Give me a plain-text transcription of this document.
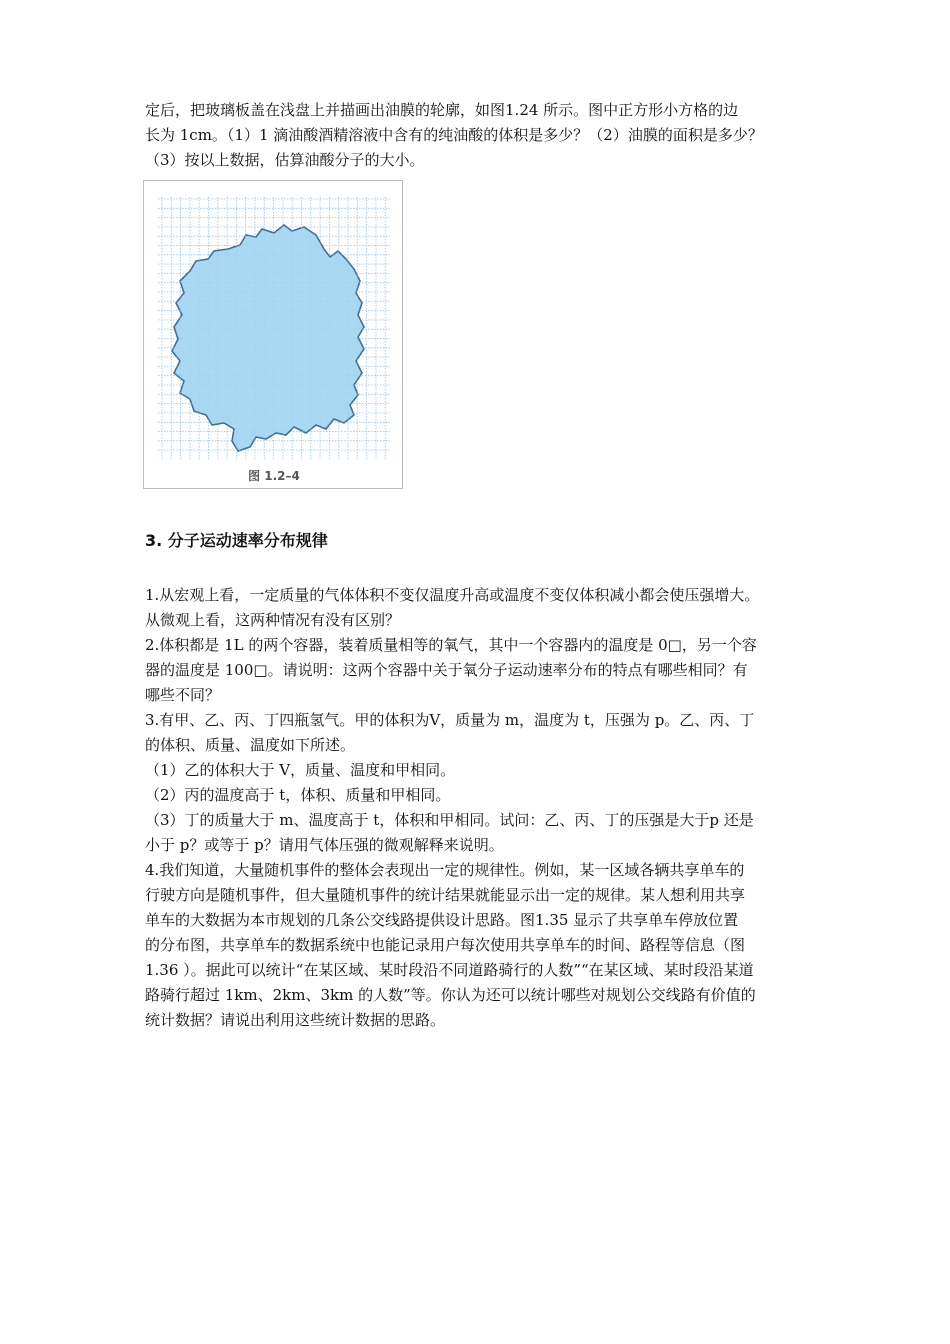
定后，把玻璃板盖在浅盘上并描画出油膜的轮廓，如图1.24 所示。图中正方形小方格的边
长为 1cm。（1）1 滴油酸酒精溶液中含有的纯油酸的体积是多少？（2）油膜的面积是多少？
（3）按以上数据，估算油酸分子的大小。

图 1.2–4
3. 分子运动速率分布规律

1.从宏观上看，一定质量的气体体积不变仅温度升高或温度不变仅体积减小都会使压强增大。
从微观上看，这两种情况有没有区别？
2.体积都是 1L 的两个容器，装着质量相等的氧气，其中一个容器内的温度是 0□，另一个容
器的温度是 100□。请说明：这两个容器中关于氧分子运动速率分布的特点有哪些相同？有
哪些不同？
3.有甲、乙、丙、丁四瓶氢气。甲的体积为V，质量为 m，温度为 t，压强为 p。乙、丙、丁
的体积、质量、温度如下所述。
（1）乙的体积大于 V，质量、温度和甲相同。
（2）丙的温度高于 t，体积、质量和甲相同。
（3）丁的质量大于 m、温度高于 t，体积和甲相同。试问：乙、丙、丁的压强是大于p 还是
小于 p？或等于 p？请用气体压强的微观解释来说明。
4.我们知道，大量随机事件的整体会表现出一定的规律性。例如，某一区域各辆共享单车的
行驶方向是随机事件，但大量随机事件的统计结果就能显示出一定的规律。某人想利用共享
单车的大数据为本市规划的几条公交线路提供设计思路。图1.35 显示了共享单车停放位置
的分布图，共享单车的数据系统中也能记录用户每次使用共享单车的时间、路程等信息（图
1.36 ）。据此可以统计“在某区域、某时段沿不同道路骑行的人数”“在某区域、某时段沿某道
路骑行超过 1km、2km、3km 的人数”等。你认为还可以统计哪些对规划公交线路有价值的
统计数据？请说出利用这些统计数据的思路。
